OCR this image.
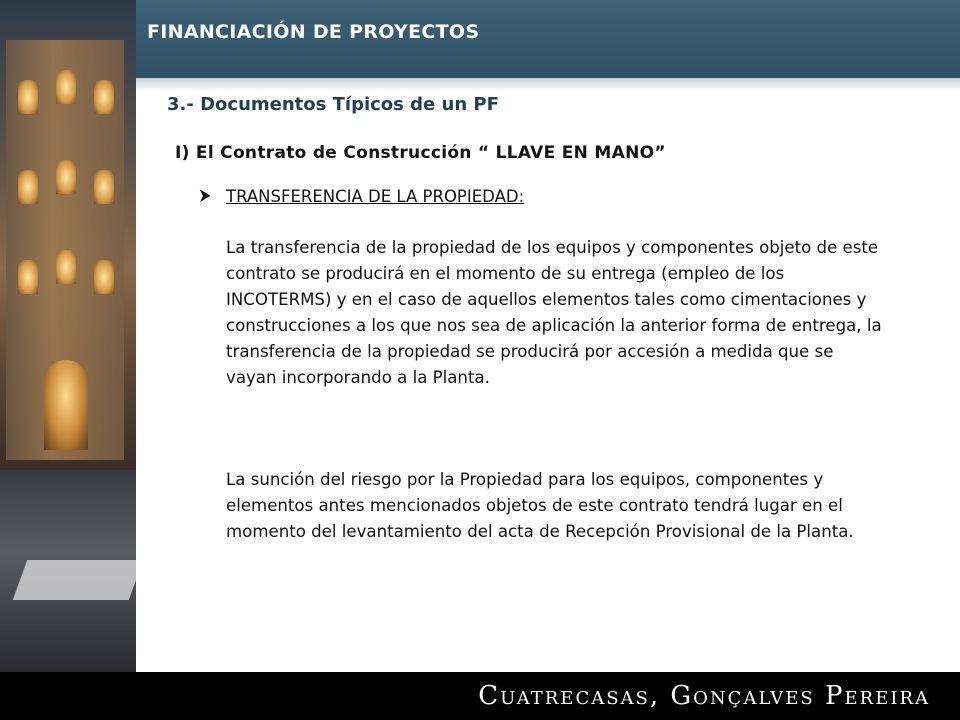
FINANCIACIÓN DE PROYECTOS
3.- Documentos Típicos de un PF
I) El Contrato de Construcción “ LLAVE EN MANO”
TRANSFERENCIA DE LA PROPIEDAD:

La transferencia de la propiedad de los equipos y componentes objeto de este contrato se producirá en el momento de su entrega (empleo de los INCOTERMS) y en el caso de aquellos elementos tales como cimentaciones y construcciones a los que nos sea de aplicación la anterior forma de entrega, la transferencia de la propiedad se producirá por accesión a medida que se vayan incorporando a la Planta.

La sunción del riesgo por la Propiedad para los equipos, componentes y elementos antes mencionados objetos de este contrato tendrá lugar en el momento del levantamiento del acta de Recepción Provisional de la Planta.

Cuatrecasas, Gonçalves Pereira
